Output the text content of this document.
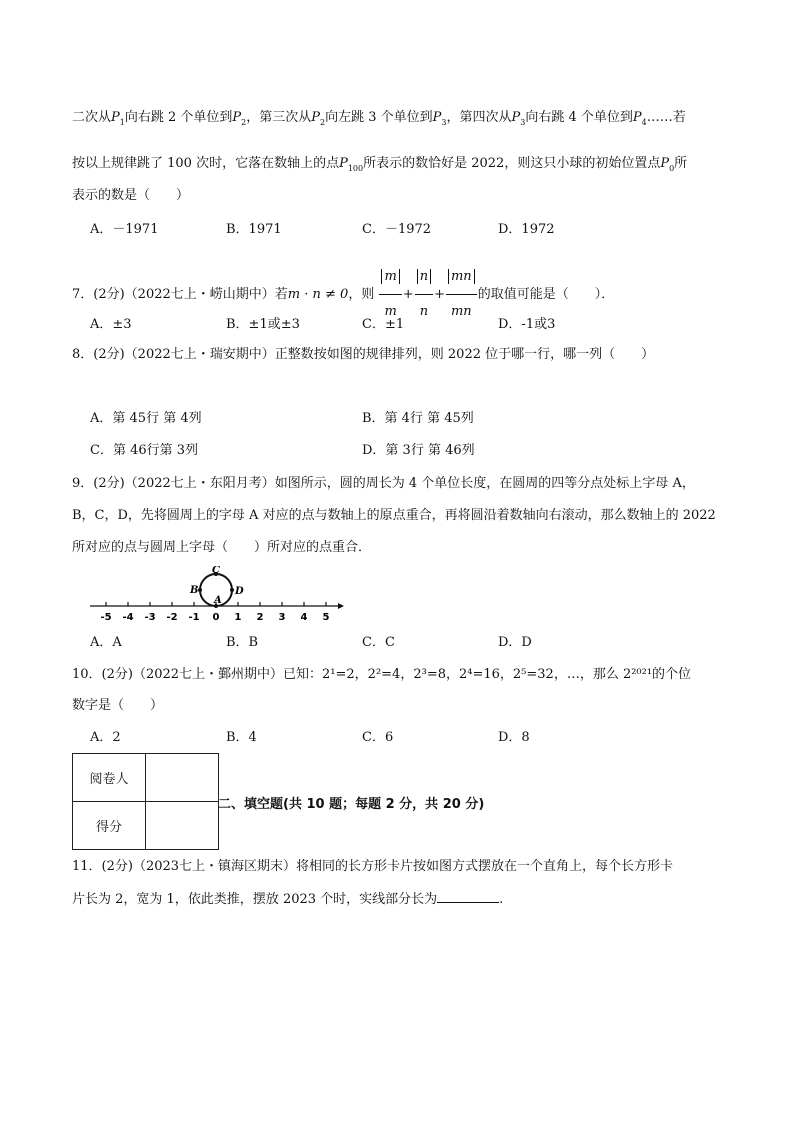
二次从$P_1$向右跳 2 个单位到$P_2$，第三次从$P_2$向左跳 3 个单位到$P_3$，第四次从$P_3$向右跳 4 个单位到$P_4\dots\dots$若
按以上规律跳了 100 次时，它落在数轴上的点$P_{100}$所表示的数恰好是 2022，则这只小球的初始位置点$P_0$所
表示的数是（　　）
A．－1971	B．1971	C．－1972	D．1972
7．(2分)（2022七上・崂山期中）若m · n ≠ 0，则 $\frac{m}{m} + \frac{n}{n} + \frac{mn}{mn}$ 的取值可能是（　　）．
A．±3	B．±1或±3	C．±1	D．-1或3
8．(2分)（2022七上・瑞安期中）正整数按如图的规律排列，则 2022 位于哪一行，哪一列（　　）
A．第 45行 第 4列	B．第 4行 第 45列
C．第 46行第 3列	D．第 3行 第 46列
9．(2分)（2022七上・东阳月考）如图所示，圆的周长为 4 个单位长度，在圆周的四等分点处标上字母 A，
B，C，D，先将圆周上的字母 A 对应的点与数轴上的原点重合，再将圆沿着数轴向右滚动，那么数轴上的 2022
所对应的点与圆周上字母（　　）所对应的点重合．
C
B	D
A
-5 -4 -3 -2 -1 0 1 2 3 4 5
A．A	B．B	C．C	D．D
10．(2分)（2022七上・鄞州期中）已知：2¹=2，2²=4，2³=8，2⁴=16，2⁵=32，…，那么 2²⁰²¹的个位
数字是（　　）
A．2	B．4	C．6	D．8
阅卷人	
得分	
二、填空题(共 10 题；每题 2 分，共 20 分)
11．(2分)（2023七上・镇海区期末）将相同的长方形卡片按如图方式摆放在一个直角上，每个长方形卡
片长为 2，宽为 1，依此类推，摆放 2023 个时，实线部分长为	.
